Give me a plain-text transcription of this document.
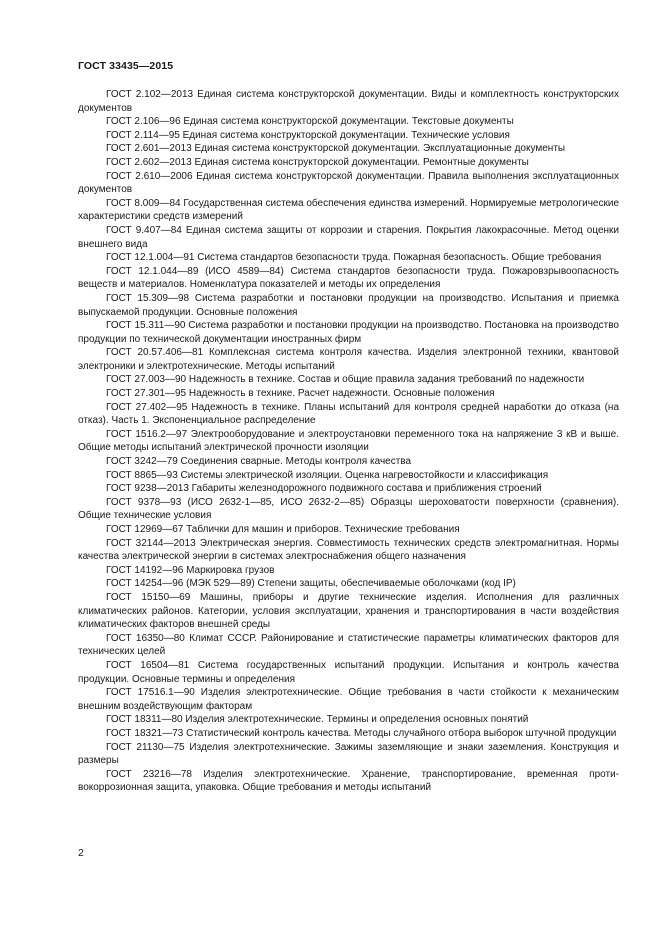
ГОСТ 33435—2015

ГОСТ 2.102—2013 Единая система конструкторской документации. Виды и комплектность конструкторских документов

ГОСТ 2.106—96 Единая система конструкторской документации. Текстовые документы

ГОСТ 2.114—95 Единая система конструкторской документации. Технические условия

ГОСТ 2.601—2013 Единая система конструкторской документации. Эксплуатационные документы

ГОСТ 2.602—2013 Единая система конструкторской документации. Ремонтные документы

ГОСТ 2.610—2006 Единая система конструкторской документации. Правила выполнения эксплуатационных документов

ГОСТ 8.009—84 Государственная система обеспечения единства измерений. Нормируемые метрологические характеристики средств измерений

ГОСТ 9.407—84 Единая система защиты от коррозии и старения. Покрытия лакокрасочные. Метод оценки внешнего вида

ГОСТ 12.1.004—91 Система стандартов безопасности труда. Пожарная безопасность. Общие требования

ГОСТ 12.1.044—89 (ИСО 4589—84) Система стандартов безопасности труда. Пожаровзрывоопасность веществ и материалов. Номенклатура показателей и методы их определения

ГОСТ 15.309—98 Система разработки и постановки продукции на производство. Испытания и приемка выпускаемой продукции. Основные положения

ГОСТ 15.311—90 Система разработки и постановки продукции на производство. Постановка на производство продукции по технической документации иностранных фирм

ГОСТ 20.57.406—81 Комплексная система контроля качества. Изделия электронной техники, квантовой электроники и электротехнические. Методы испытаний

ГОСТ 27.003—90 Надежность в технике. Состав и общие правила задания требований по надежности

ГОСТ 27.301—95 Надежность в технике. Расчет надежности. Основные положения

ГОСТ 27.402—95 Надежность в технике. Планы испытаний для контроля средней наработки до отказа (на отказ). Часть 1. Экспоненциальное распределение

ГОСТ 1516.2—97 Электрооборудование и электроустановки переменного тока на напряжение 3 кВ и выше. Общие методы испытаний электрической прочности изоляции

ГОСТ 3242—79 Соединения сварные. Методы контроля качества

ГОСТ 8865—93 Системы электрической изоляции. Оценка нагревостойкости и классификация

ГОСТ 9238—2013 Габариты железнодорожного подвижного состава и приближения строений

ГОСТ 9378—93 (ИСО 2632-1—85, ИСО 2632-2—85) Образцы шероховатости поверхности (сравнения). Общие технические условия

ГОСТ 12969—67 Таблички для машин и приборов. Технические требования

ГОСТ 32144—2013 Электрическая энергия. Совместимость технических средств электромагнитная. Нормы качества электрической энергии в системах электроснабжения общего назначения

ГОСТ 14192—96 Маркировка грузов

ГОСТ 14254—96 (МЭК 529—89) Степени защиты, обеспечиваемые оболочками (код IP)

ГОСТ 15150—69 Машины, приборы и другие технические изделия. Исполнения для различных климатических районов. Категории, условия эксплуатации, хранения и транспортирования в части воздействия климатических факторов внешней среды

ГОСТ 16350—80 Климат СССР. Районирование и статистические параметры климатических факторов для технических целей

ГОСТ 16504—81 Система государственных испытаний продукции. Испытания и контроль качества продукции. Основные термины и определения

ГОСТ 17516.1—90 Изделия электротехнические. Общие требования в части стойкости к механическим внешним воздействующим факторам

ГОСТ 18311—80 Изделия электротехнические. Термины и определения основных понятий

ГОСТ 18321—73 Статистический контроль качества. Методы случайного отбора выборок штучной продукции

ГОСТ 21130—75 Изделия электротехнические. Зажимы заземляющие и знаки заземления. Конструкция и размеры

ГОСТ 23216—78 Изделия электротехнические. Хранение, транспортирование, временная противокоррозионная защита, упаковка. Общие требования и методы испытаний

2
